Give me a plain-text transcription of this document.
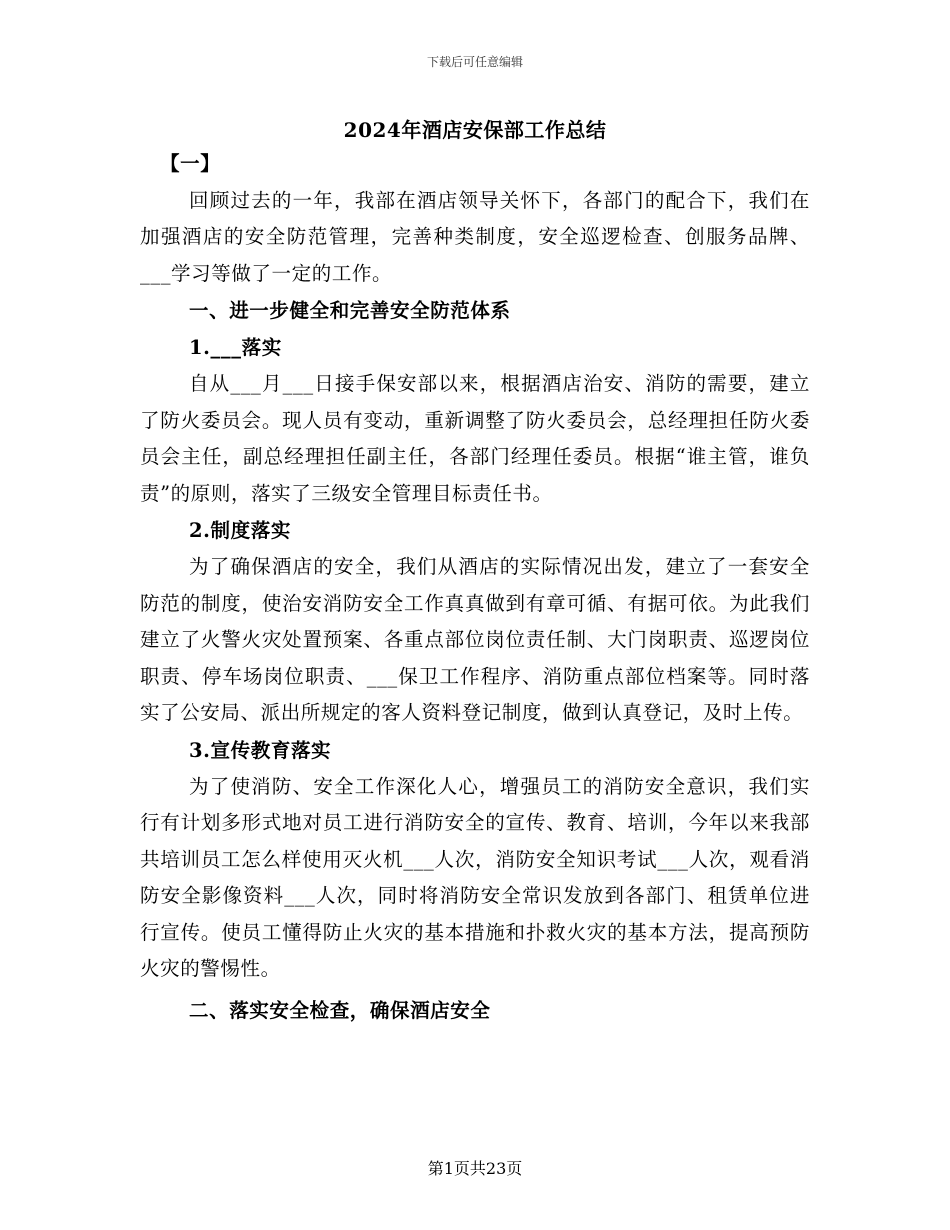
下载后可任意编辑
2024年酒店安保部工作总结

【一】

回顾过去的一年，我部在酒店领导关怀下，各部门的配合下，我们在加强酒店的安全防范管理，完善种类制度，安全巡逻检查、创服务品牌、___学习等做了一定的工作。

一、进一步健全和完善安全防范体系

1.___落实

自从___月___日接手保安部以来，根据酒店治安、消防的需要，建立了防火委员会。现人员有变动，重新调整了防火委员会，总经理担任防火委员会主任，副总经理担任副主任，各部门经理任委员。根据“谁主管，谁负责”的原则，落实了三级安全管理目标责任书。

2.制度落实

为了确保酒店的安全，我们从酒店的实际情况出发，建立了一套安全防范的制度，使治安消防安全工作真真做到有章可循、有据可依。为此我们建立了火警火灾处置预案、各重点部位岗位责任制、大门岗职责、巡逻岗位职责、停车场岗位职责、___保卫工作程序、消防重点部位档案等。同时落实了公安局、派出所规定的客人资料登记制度，做到认真登记，及时上传。

3.宣传教育落实

为了使消防、安全工作深化人心，增强员工的消防安全意识，我们实行有计划多形式地对员工进行消防安全的宣传、教育、培训，今年以来我部共培训员工怎么样使用灭火机___人次，消防安全知识考试___人次，观看消防安全影像资料___人次，同时将消防安全常识发放到各部门、租赁单位进行宣传。使员工懂得防止火灾的基本措施和扑救火灾的基本方法，提高预防火灾的警惕性。

二、落实安全检查，确保酒店安全

第1页共23页
